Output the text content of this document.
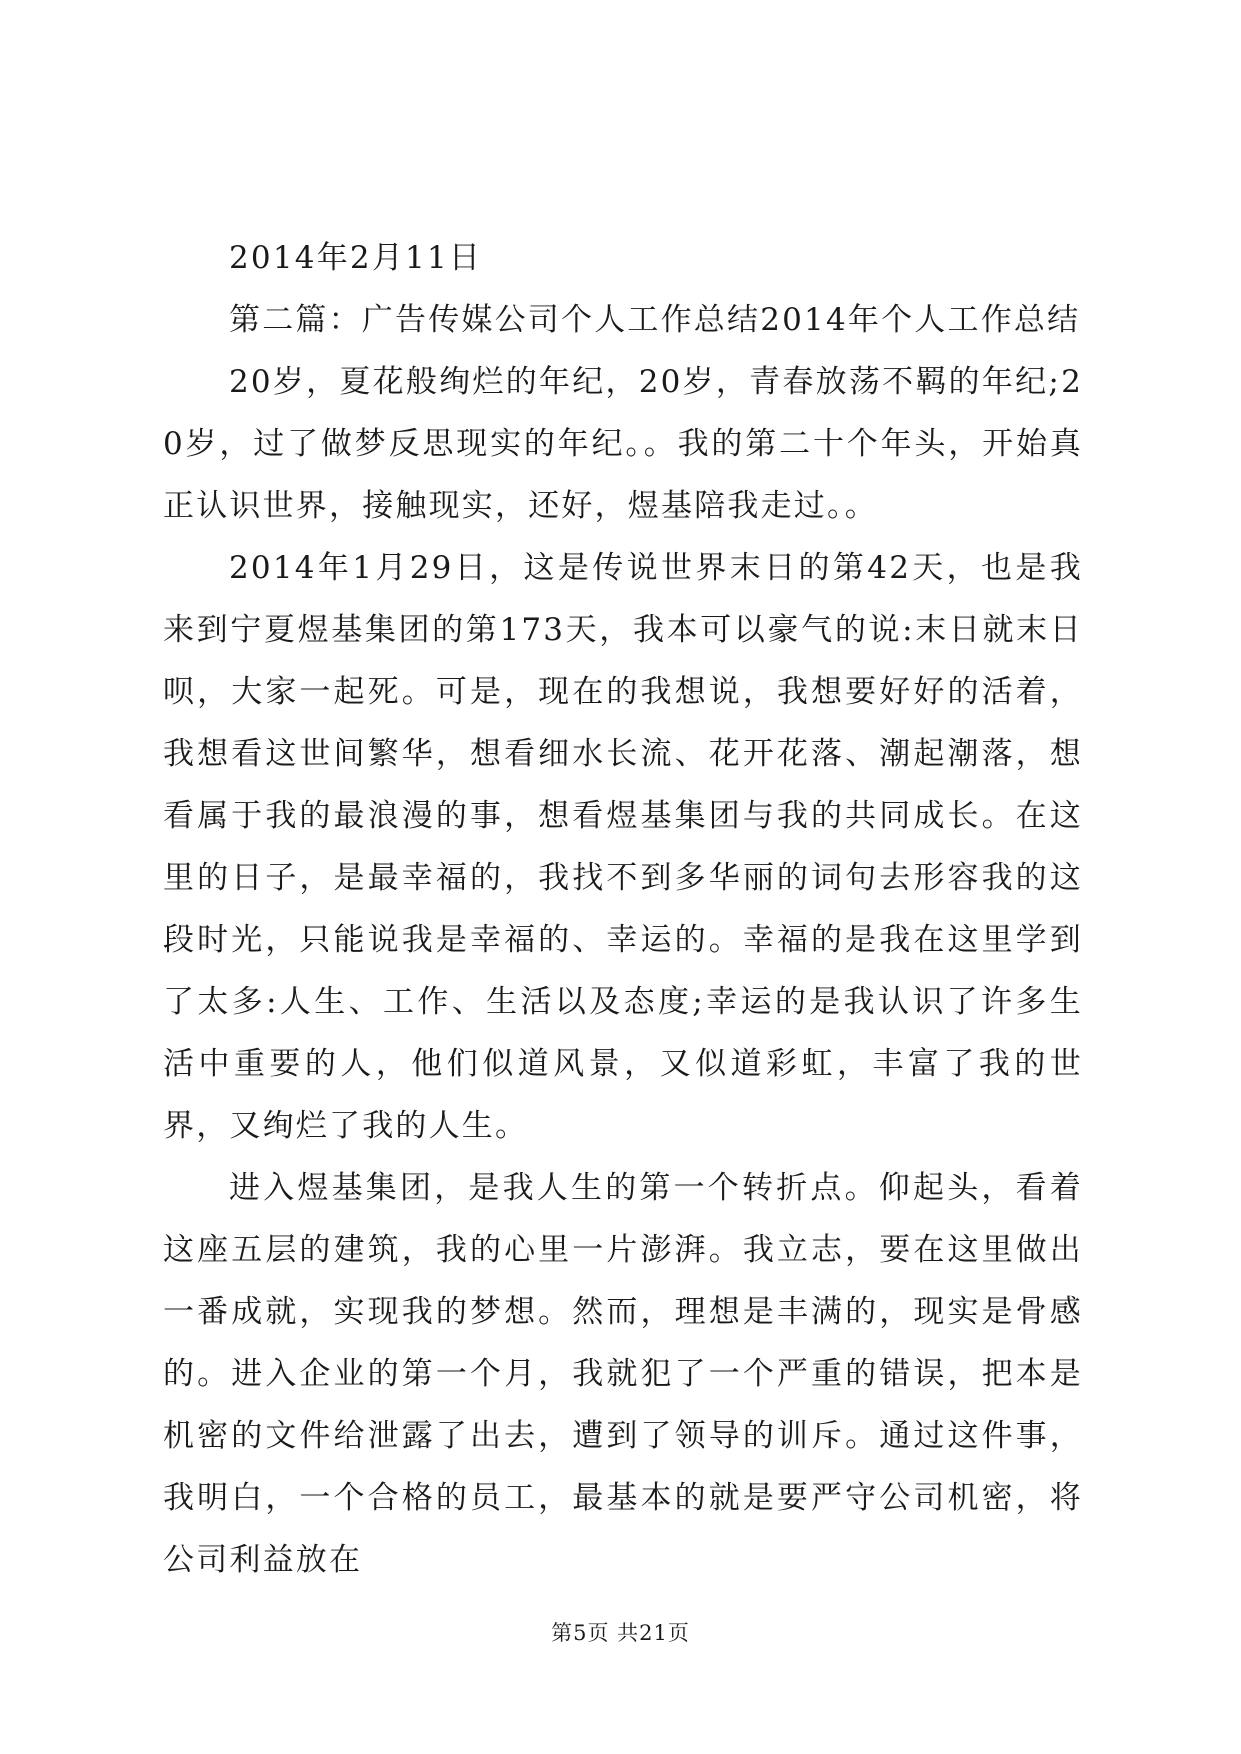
2014年2月11日

第二篇：广告传媒公司个人工作总结2014年个人工作总结

20岁，夏花般绚烂的年纪，20岁，青春放荡不羁的年纪;20岁，过了做梦反思现实的年纪。。我的第二十个年头，开始真正认识世界，接触现实，还好，煜基陪我走过。。

2014年1月29日，这是传说世界末日的第42天，也是我来到宁夏煜基集团的第173天，我本可以豪气的说:末日就末日呗，大家一起死。可是，现在的我想说，我想要好好的活着，我想看这世间繁华，想看细水长流、花开花落、潮起潮落，想看属于我的最浪漫的事，想看煜基集团与我的共同成长。在这里的日子，是最幸福的，我找不到多华丽的词句去形容我的这段时光，只能说我是幸福的、幸运的。幸福的是我在这里学到了太多:人生、工作、生活以及态度;幸运的是我认识了许多生活中重要的人，他们似道风景，又似道彩虹，丰富了我的世界，又绚烂了我的人生。

进入煜基集团，是我人生的第一个转折点。仰起头，看着这座五层的建筑，我的心里一片澎湃。我立志，要在这里做出一番成就，实现我的梦想。然而，理想是丰满的，现实是骨感的。进入企业的第一个月，我就犯了一个严重的错误，把本是机密的文件给泄露了出去，遭到了领导的训斥。通过这件事，我明白，一个合格的员工，最基本的就是要严守公司机密，将公司利益放在

第5页 共21页
